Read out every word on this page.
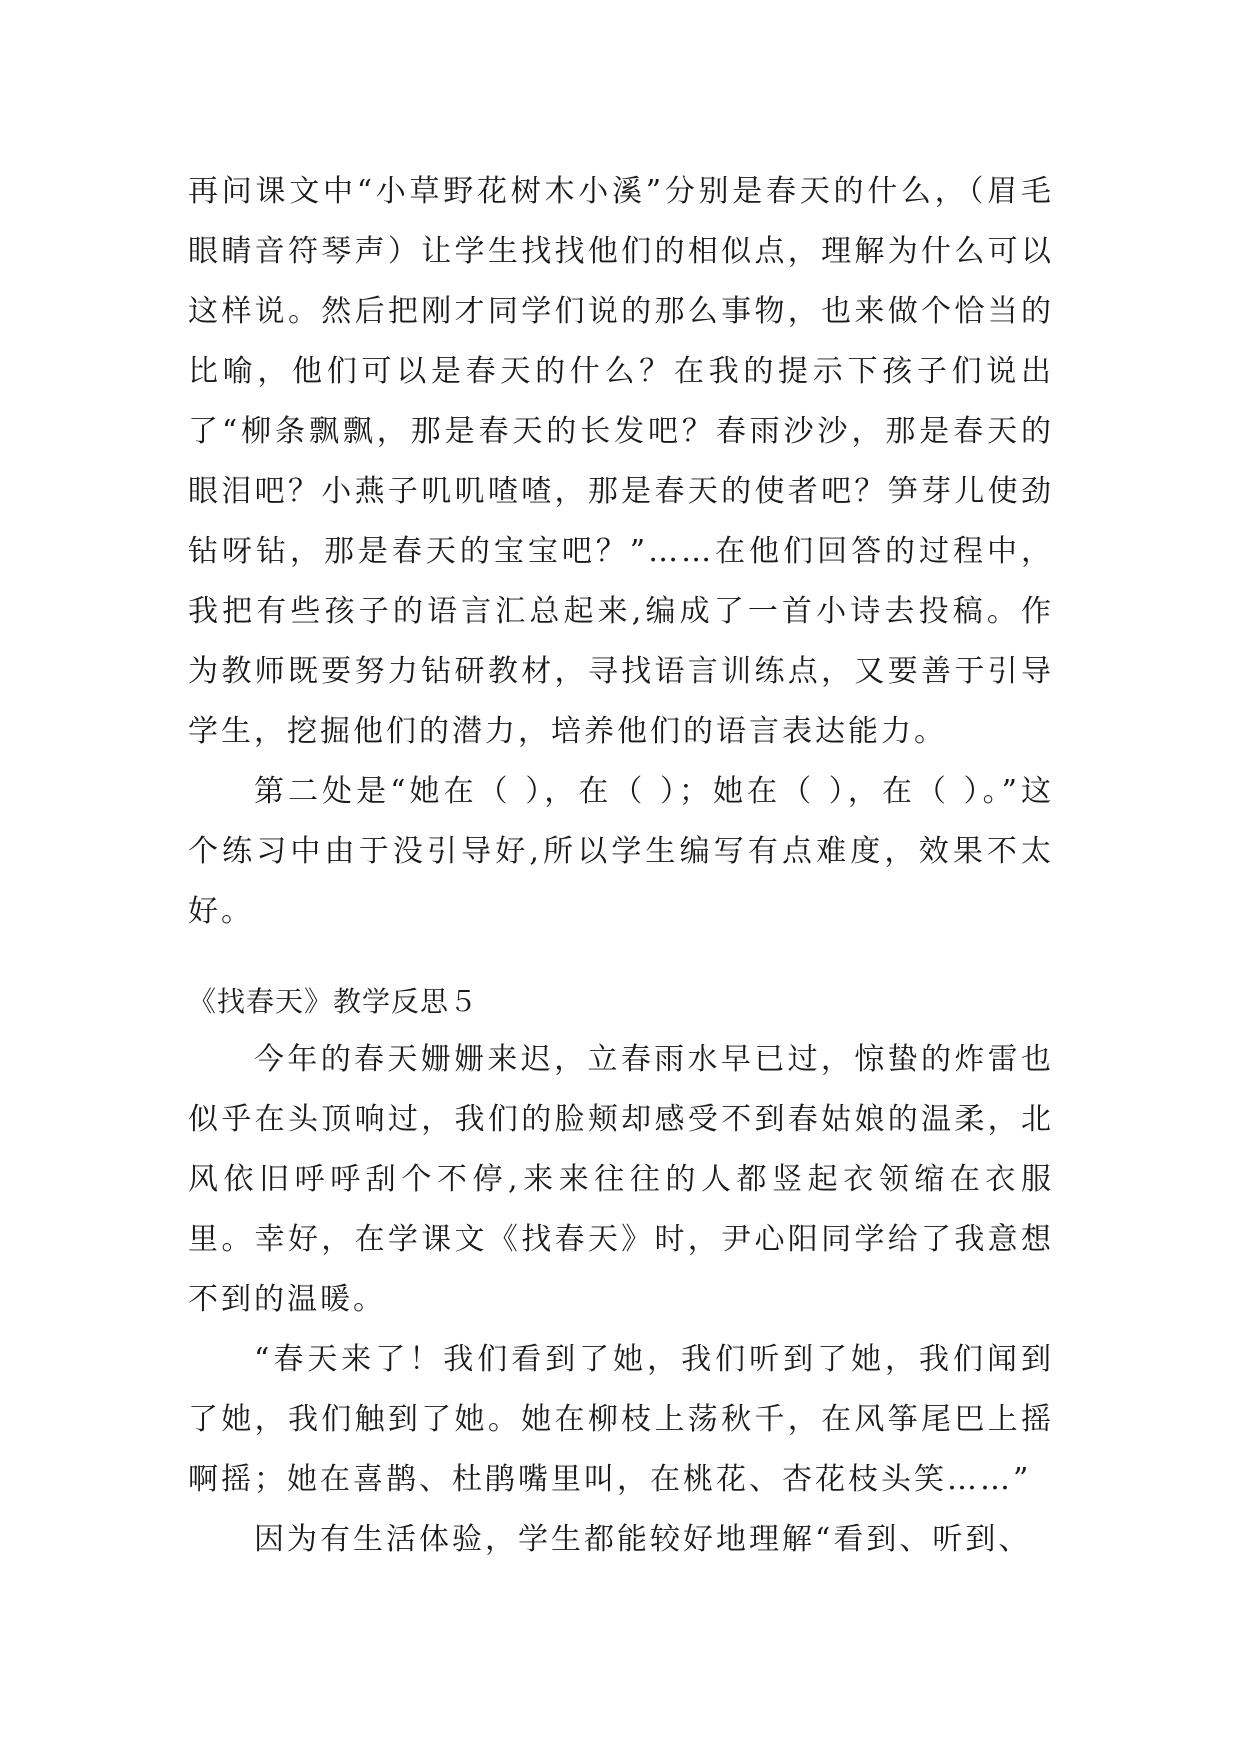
再问课文中“小草野花树木小溪”分别是春天的什么，（眉毛眼睛音符琴声）让学生找找他们的相似点，理解为什么可以这样说。然后把刚才同学们说的那么事物，也来做个恰当的比喻，他们可以是春天的什么？在我的提示下孩子们说出了“柳条飘飘，那是春天的长发吧？春雨沙沙，那是春天的眼泪吧？小燕子叽叽喳喳，那是春天的使者吧？笋芽儿使劲钻呀钻，那是春天的宝宝吧？”……在他们回答的过程中，我把有些孩子的语言汇总起来,编成了一首小诗去投稿。作为教师既要努力钻研教材，寻找语言训练点，又要善于引导学生，挖掘他们的潜力，培养他们的语言表达能力。

第二处是“她在（ ），在（ ）；她在（ ），在（ ）。”这个练习中由于没引导好,所以学生编写有点难度，效果不太好。

《找春天》教学反思５

今年的春天姗姗来迟，立春雨水早已过，惊蛰的炸雷也似乎在头顶响过，我们的脸颊却感受不到春姑娘的温柔，北风依旧呼呼刮个不停,来来往往的人都竖起衣领缩在衣服里。幸好，在学课文《找春天》时，尹心阳同学给了我意想不到的温暖。

“春天来了！我们看到了她，我们听到了她，我们闻到了她，我们触到了她。她在柳枝上荡秋千，在风筝尾巴上摇啊摇；她在喜鹊、杜鹃嘴里叫，在桃花、杏花枝头笑……”

因为有生活体验，学生都能较好地理解“看到、听到、
